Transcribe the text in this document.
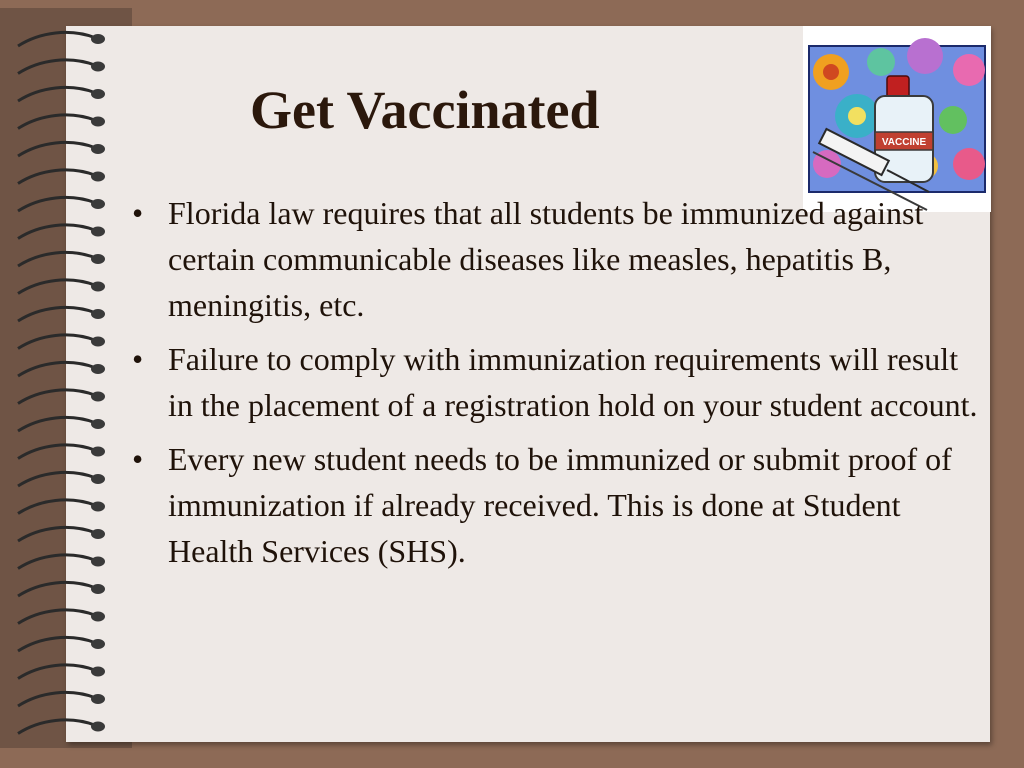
Get Vaccinated
VACCINE
• Florida law requires that all students be immunized against certain communicable diseases like measles, hepatitis B, meningitis, etc.
• Failure to comply with immunization requirements will result in the placement of a registration hold on your student account.
• Every new student needs to be immunized or submit proof of immunization if already received. This is done at Student Health Services (SHS).
